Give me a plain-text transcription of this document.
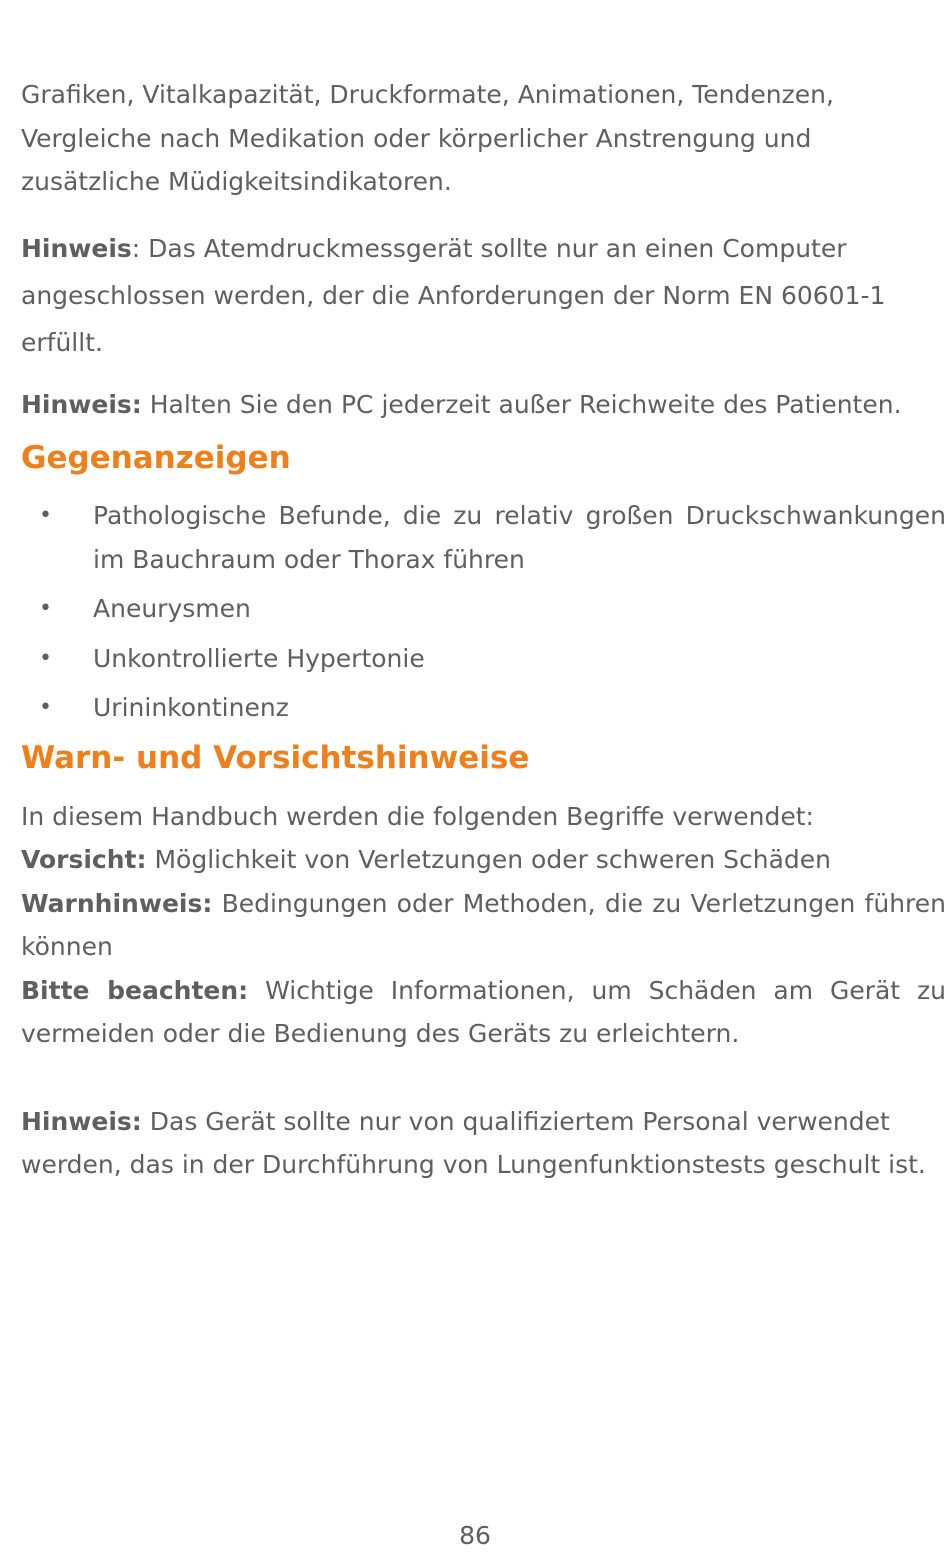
Grafiken, Vitalkapazität, Druckformate, Animationen, Tendenzen, Vergleiche nach Medikation oder körperlicher Anstrengung und zusätzliche Müdigkeitsindikatoren.

Hinweis: Das Atemdruckmessgerät sollte nur an einen Computer angeschlossen werden, der die Anforderungen der Norm EN 60601-1 erfüllt.

Hinweis: Halten Sie den PC jederzeit außer Reichweite des Patienten.

Gegenanzeigen
• Pathologische Befunde, die zu relativ großen Druckschwankungen im Bauchraum oder Thorax führen
• Aneurysmen
• Unkontrollierte Hypertonie
• Urininkontinenz
Warn- und Vorsichtshinweise

In diesem Handbuch werden die folgenden Begriffe verwendet:

Vorsicht: Möglichkeit von Verletzungen oder schweren Schäden

Warnhinweis: Bedingungen oder Methoden, die zu Verletzungen führen können

Bitte beachten: Wichtige Informationen, um Schäden am Gerät zu vermeiden oder die Bedienung des Geräts zu erleichtern.

Hinweis: Das Gerät sollte nur von qualifiziertem Personal verwendet werden, das in der Durchführung von Lungenfunktionstests geschult ist.

86
